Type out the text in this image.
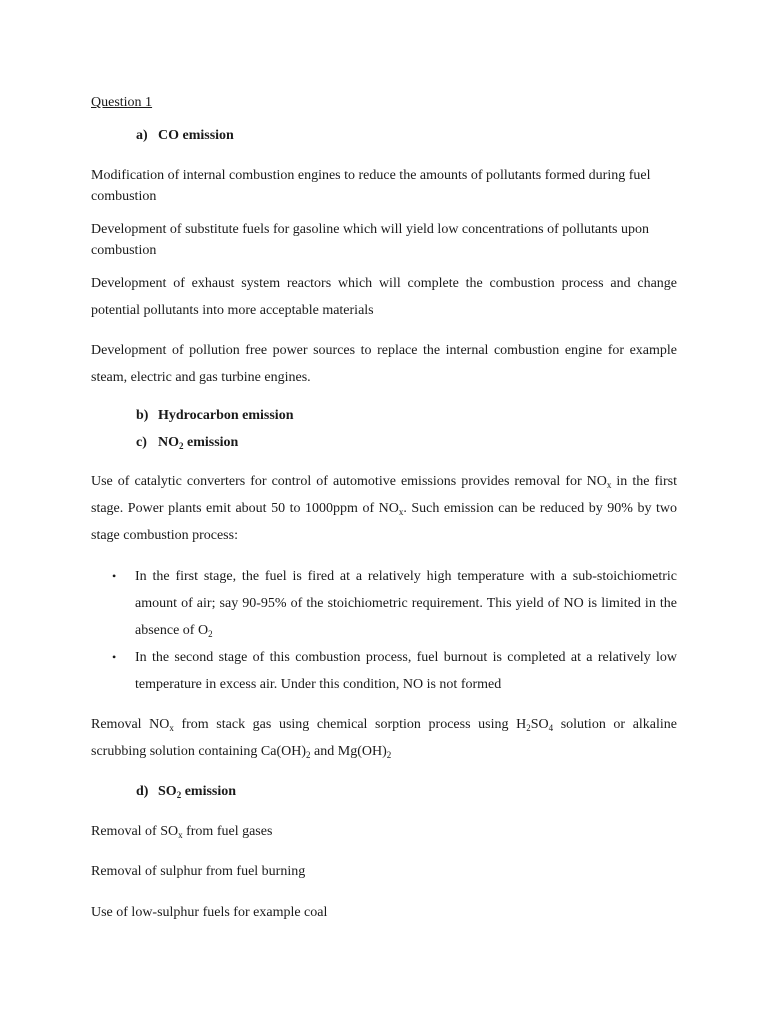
Question 1

a) CO emission

Modification of internal combustion engines to reduce the amounts of pollutants formed during fuel combustion

Development of substitute fuels for gasoline which will yield low concentrations of pollutants upon combustion

Development of exhaust system reactors which will complete the combustion process and change potential pollutants into more acceptable materials

Development of pollution free power sources to replace the internal combustion engine for example steam, electric and gas turbine engines.

b) Hydrocarbon emission

c) $NO_2$ emission

Use of catalytic converters for control of automotive emissions provides removal for $NO_x$ in the first stage. Power plants emit about 50 to 1000ppm of $NO_x$. Such emission can be reduced by 90% by two stage combustion process:

• In the first stage, the fuel is fired at a relatively high temperature with a sub-stoichiometric amount of air; say 90-95% of the stoichiometric requirement. This yield of NO is limited in the absence of $O_2$
• In the second stage of this combustion process, fuel burnout is completed at a relatively low temperature in excess air. Under this condition, NO is not formed

Removal $NO_x$ from stack gas using chemical sorption process using $H_2SO_4$ solution or alkaline scrubbing solution containing $Ca(OH)_2$ and $Mg(OH)_2$

d) $SO_2$ emission

Removal of $SO_x$ from fuel gases

Removal of sulphur from fuel burning

Use of low-sulphur fuels for example coal
